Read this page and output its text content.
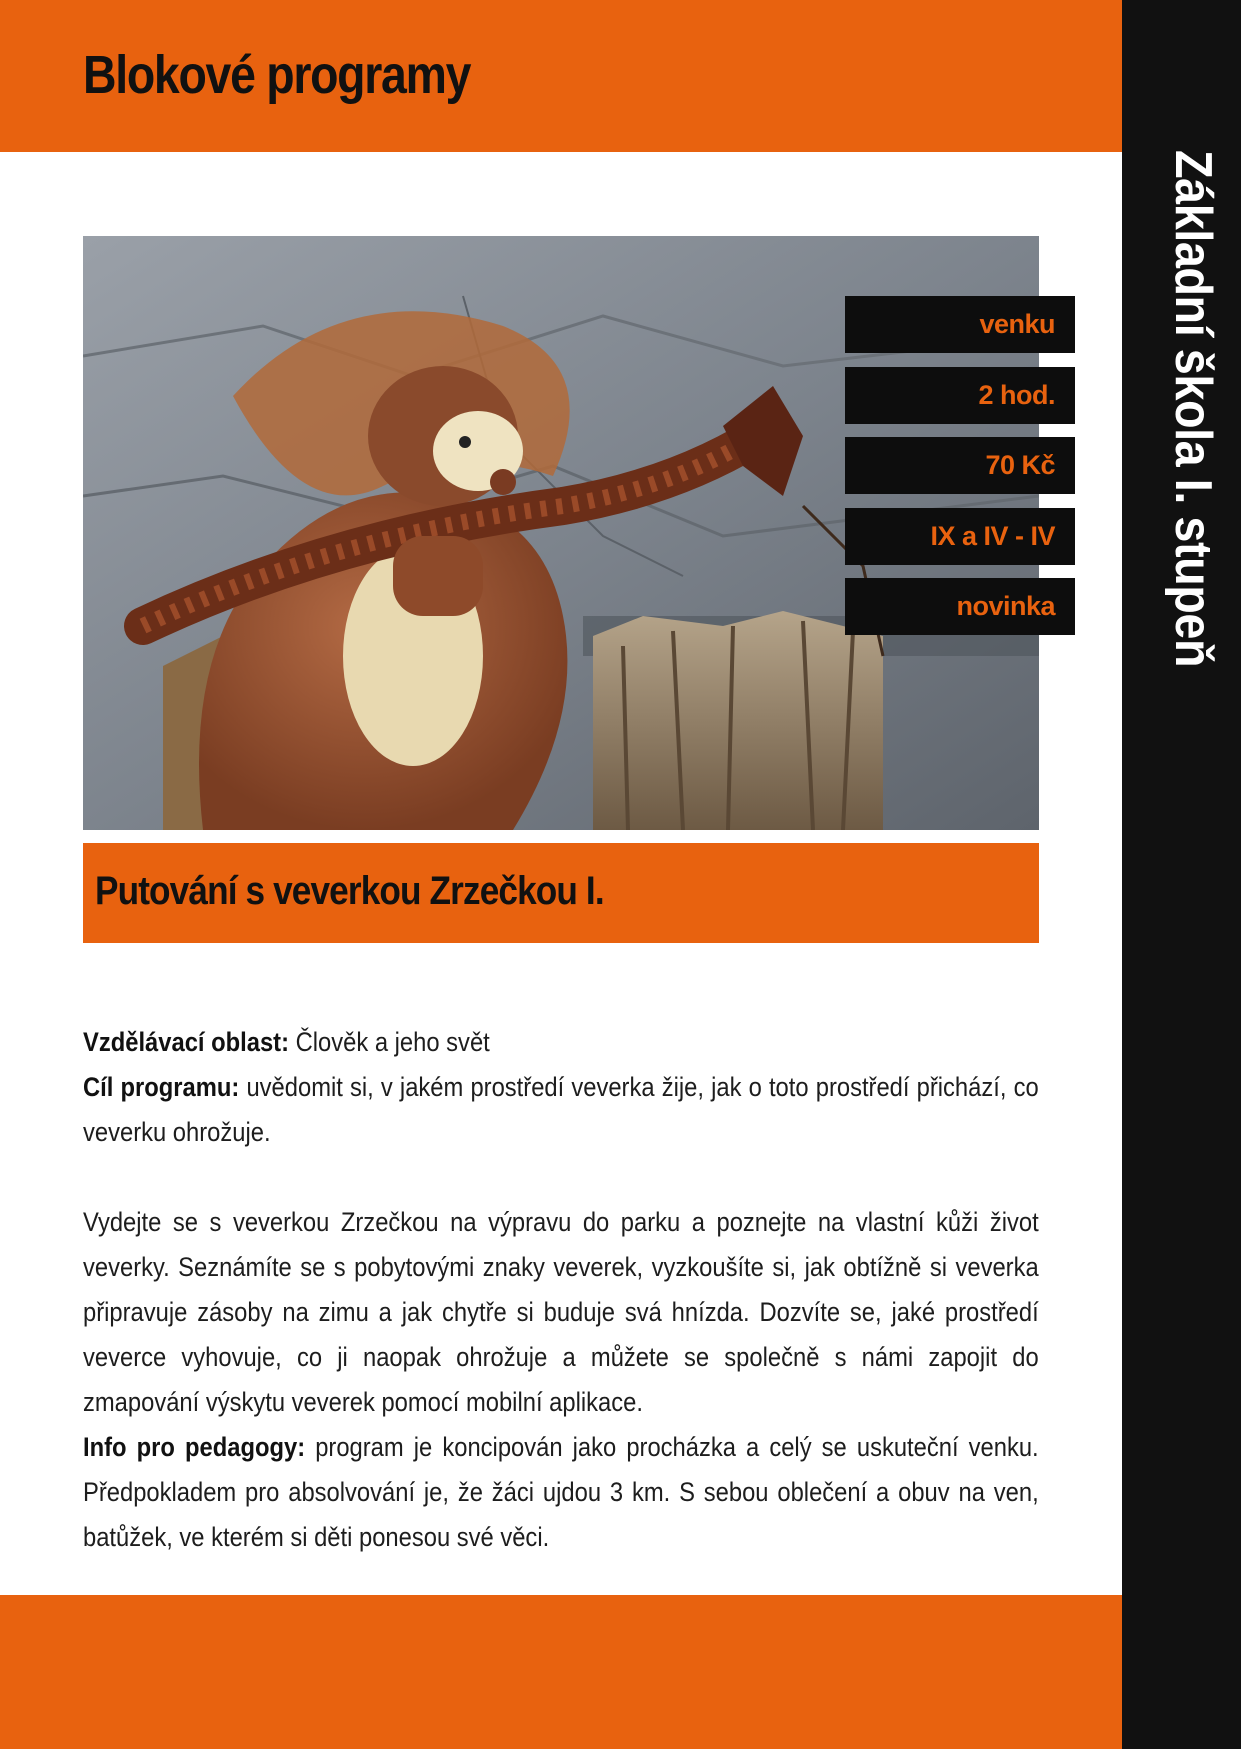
Blokové programy
Základní škola I. stupeň
venku
2 hod.
70 Kč
IX a IV - IV
novinka
Putování s veverkou Zrzečkou I.

Vzdělávací oblast: Člověk a jeho svět

Cíl programu: uvědomit si, v jakém prostředí veverka žije, jak o toto prostředí přichází, co veverku ohrožuje.

Vydejte se s veverkou Zrzečkou na výpravu do parku a poznejte na vlastní kůži život veverky. Seznámíte se s pobytovými znaky veverek, vyzkoušíte si, jak obtížně si veverka připravuje zásoby na zimu a jak chytře si buduje svá hnízda. Dozvíte se, jaké prostředí veverce vyhovuje, co ji naopak ohrožuje a můžete se společně s námi zapojit do zmapování výskytu veverek pomocí mobilní aplikace.

Info pro pedagogy: program je koncipován jako procházka a celý se uskuteční venku. Předpokladem pro absolvování je, že žáci ujdou 3 km. S sebou oblečení a obuv na ven, batůžek, ve kterém si děti ponesou své věci.
